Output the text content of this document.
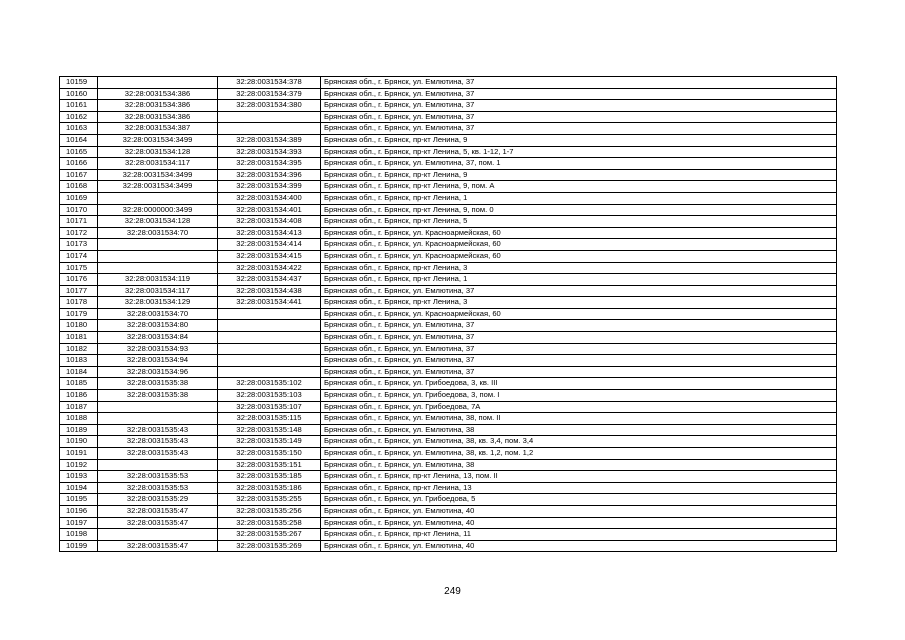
10159		32:28:0031534:378	Брянская обл., г. Брянск, ул. Емлютина, 37
10160	32:28:0031534:386	32:28:0031534:379	Брянская обл., г. Брянск, ул. Емлютина, 37
10161	32:28:0031534:386	32:28:0031534:380	Брянская обл., г. Брянск, ул. Емлютина, 37
10162	32:28:0031534:386		Брянская обл., г. Брянск, ул. Емлютина, 37
10163	32:28:0031534:387		Брянская обл., г. Брянск, ул. Емлютина, 37
10164	32:28:0031534:3499	32:28:0031534:389	Брянская обл., г. Брянск, пр-кт Ленина, 9
10165	32:28:0031534:128	32:28:0031534:393	Брянская обл., г. Брянск, пр-кт Ленина, 5, кв. 1-12, 1-7
10166	32:28:0031534:117	32:28:0031534:395	Брянская обл., г. Брянск, ул. Емлютина, 37, пом. 1
10167	32:28:0031534:3499	32:28:0031534:396	Брянская обл., г. Брянск, пр-кт Ленина, 9
10168	32:28:0031534:3499	32:28:0031534:399	Брянская обл., г. Брянск, пр-кт Ленина, 9, пом. А
10169		32:28:0031534:400	Брянская обл., г. Брянск, пр-кт Ленина, 1
10170	32:28:0000000:3499	32:28:0031534:401	Брянская обл., г. Брянск, пр-кт Ленина, 9, пом. 0
10171	32:28:0031534:128	32:28:0031534:408	Брянская обл., г. Брянск, пр-кт Ленина, 5
10172	32:28:0031534:70	32:28:0031534:413	Брянская обл., г. Брянск, ул. Красноармейская, 60
10173		32:28:0031534:414	Брянская обл., г. Брянск, ул. Красноармейская, 60
10174		32:28:0031534:415	Брянская обл., г. Брянск, ул. Красноармейская, 60
10175		32:28:0031534:422	Брянская обл., г. Брянск, пр-кт Ленина, 3
10176	32:28:0031534:119	32:28:0031534:437	Брянская обл., г. Брянск, пр-кт Ленина, 1
10177	32:28:0031534:117	32:28:0031534:438	Брянская обл., г. Брянск, ул. Емлютина, 37
10178	32:28:0031534:129	32:28:0031534:441	Брянская обл., г. Брянск, пр-кт Ленина, 3
10179	32:28:0031534:70		Брянская обл., г. Брянск, ул. Красноармейская, 60
10180	32:28:0031534:80		Брянская обл., г. Брянск, ул. Емлютина, 37
10181	32:28:0031534:84		Брянская обл., г. Брянск, ул. Емлютина, 37
10182	32:28:0031534:93		Брянская обл., г. Брянск, ул. Емлютина, 37
10183	32:28:0031534:94		Брянская обл., г. Брянск, ул. Емлютина, 37
10184	32:28:0031534:96		Брянская обл., г. Брянск, ул. Емлютина, 37
10185	32:28:0031535:38	32:28:0031535:102	Брянская обл., г. Брянск, ул. Грибоедова, 3, кв. III
10186	32:28:0031535:38	32:28:0031535:103	Брянская обл., г. Брянск, ул. Грибоедова, 3, пом. I
10187		32:28:0031535:107	Брянская обл., г. Брянск, ул. Грибоедова, 7А
10188		32:28:0031535:115	Брянская обл., г. Брянск, ул. Емлютина, 38, пом. II
10189	32:28:0031535:43	32:28:0031535:148	Брянская обл., г. Брянск, ул. Емлютина, 38
10190	32:28:0031535:43	32:28:0031535:149	Брянская обл., г. Брянск, ул. Емлютина, 38, кв. 3,4, пом. 3,4
10191	32:28:0031535:43	32:28:0031535:150	Брянская обл., г. Брянск, ул. Емлютина, 38, кв. 1,2, пом. 1,2
10192		32:28:0031535:151	Брянская обл., г. Брянск, ул. Емлютина, 38
10193	32:28:0031535:53	32:28:0031535:185	Брянская обл., г. Брянск, пр-кт Ленина, 13, пом. II
10194	32:28:0031535:53	32:28:0031535:186	Брянская обл., г. Брянск, пр-кт Ленина, 13
10195	32:28:0031535:29	32:28:0031535:255	Брянская обл., г. Брянск, ул. Грибоедова, 5
10196	32:28:0031535:47	32:28:0031535:256	Брянская обл., г. Брянск, ул. Емлютина, 40
10197	32:28:0031535:47	32:28:0031535:258	Брянская обл., г. Брянск, ул. Емлютина, 40
10198		32:28:0031535:267	Брянская обл., г. Брянск, пр-кт Ленина, 11
10199	32:28:0031535:47	32:28:0031535:269	Брянская обл., г. Брянск, ул. Емлютина, 40
249
